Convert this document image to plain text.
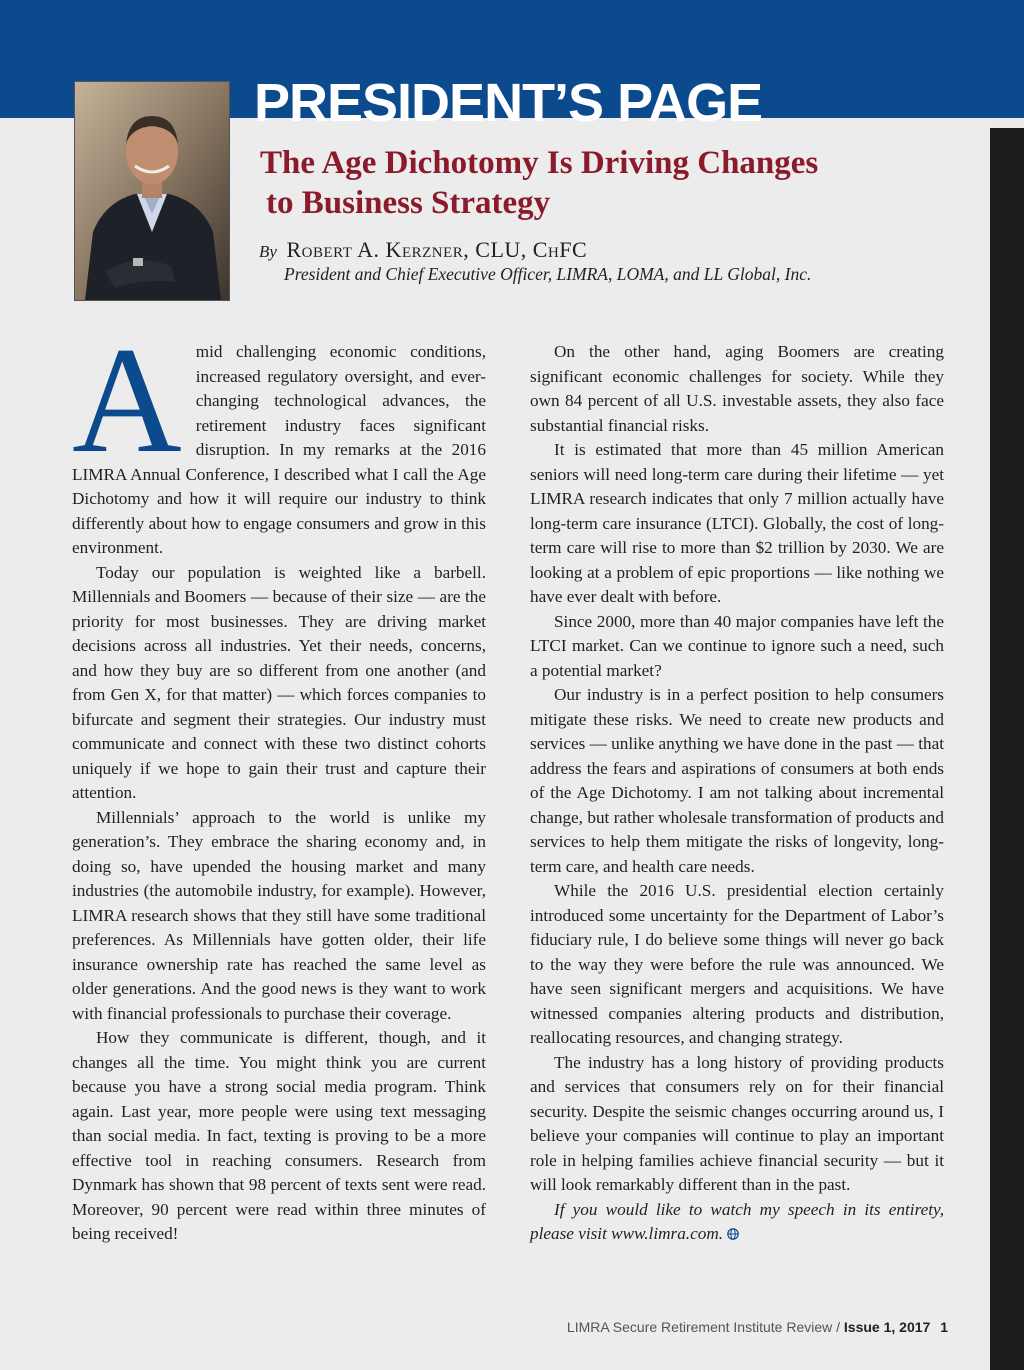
PRESIDENT’S PAGE
The Age Dichotomy Is Driving Changes
to Business Strategy
By Robert A. Kerzner, CLU, ChFC
President and Chief Executive Officer, LIMRA, LOMA, and LL Global, Inc.

Amid challenging economic conditions, increased regulatory oversight, and ever-changing technological advances, the retirement industry faces significant disruption. In my remarks at the 2016 LIMRA Annual Conference, I described what I call the Age Dichotomy and how it will require our industry to think differently about how to engage consumers and grow in this environment.

Today our population is weighted like a barbell. Millennials and Boomers — because of their size — are the priority for most businesses. They are driving market decisions across all industries. Yet their needs, concerns, and how they buy are so different from one another (and from Gen X, for that matter) — which forces companies to bifurcate and segment their strategies. Our industry must communicate and connect with these two distinct cohorts uniquely if we hope to gain their trust and capture their attention.

Millennials’ approach to the world is unlike my generation’s. They embrace the sharing economy and, in doing so, have upended the housing market and many industries (the automobile industry, for example). However, LIMRA research shows that they still have some traditional preferences. As Millennials have gotten older, their life insurance ownership rate has reached the same level as older generations. And the good news is they want to work with financial professionals to purchase their coverage.

How they communicate is different, though, and it changes all the time. You might think you are current because you have a strong social media program. Think again. Last year, more people were using text messaging than social media. In fact, texting is proving to be a more effective tool in reaching consumers. Research from Dynmark has shown that 98 percent of texts sent were read. Moreover, 90 percent were read within three minutes of being received!

On the other hand, aging Boomers are creating significant economic challenges for society. While they own 84 percent of all U.S. investable assets, they also face substantial financial risks.

It is estimated that more than 45 million American seniors will need long-term care during their lifetime — yet LIMRA research indicates that only 7 million actually have long-term care insurance (LTCI). Globally, the cost of long-term care will rise to more than $2 trillion by 2030. We are looking at a problem of epic proportions — like nothing we have ever dealt with before.

Since 2000, more than 40 major companies have left the LTCI market. Can we continue to ignore such a need, such a potential market?

Our industry is in a perfect position to help consumers mitigate these risks. We need to create new products and services — unlike anything we have done in the past — that address the fears and aspirations of consumers at both ends of the Age Dichotomy. I am not talking about incremental change, but rather wholesale transformation of products and services to help them mitigate the risks of longevity, long-term care, and health care needs.

While the 2016 U.S. presidential election certainly introduced some uncertainty for the Department of Labor’s fiduciary rule, I do believe some things will never go back to the way they were before the rule was announced. We have seen significant mergers and acquisitions. We have witnessed companies altering products and distribution, reallocating resources, and changing strategy.

The industry has a long history of providing products and services that consumers rely on for their financial security. Despite the seismic changes occurring around us, I believe your companies will continue to play an important role in helping families achieve financial security — but it will look remarkably different than in the past.

If you would like to watch my speech in its entirety, please visit www.limra.com.

LIMRA Secure Retirement Institute Review / Issue 1, 2017 1
